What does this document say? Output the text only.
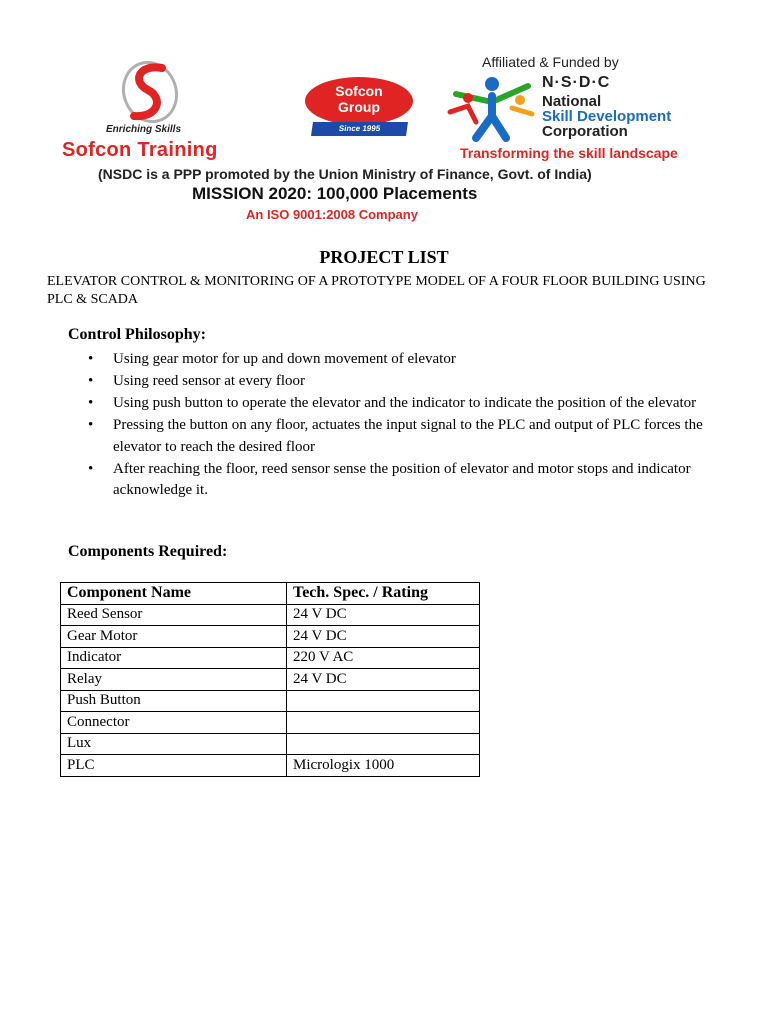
Enriching Skills
Sofcon Training
Sofcon Group
Since 1995
Affiliated & Funded by
N·S·D·C
National
Skill Development
Corporation
Transforming the skill landscape
(NSDC is a PPP promoted by the Union Ministry of Finance, Govt. of India)
MISSION 2020: 100,000 Placements
An ISO 9001:2008 Company
PROJECT LIST
ELEVATOR CONTROL & MONITORING OF A PROTOTYPE MODEL OF A FOUR FLOOR BUILDING USING PLC & SCADA
Control Philosophy:
• Using gear motor for up and down movement of elevator
• Using reed sensor at every floor
• Using push button to operate the elevator and the indicator to indicate the position of the elevator
• Pressing the button on any floor, actuates the input signal to the PLC and output of PLC forces the elevator to reach the desired floor
• After reaching the floor, reed sensor sense the position of elevator and motor stops and indicator acknowledge it.
Components Required:
Component Name	Tech. Spec. / Rating
Reed Sensor	24 V DC
Gear Motor	24 V DC
Indicator	220 V AC
Relay	24 V DC
Push Button	
Connector	
Lux	
PLC	Micrologix 1000
